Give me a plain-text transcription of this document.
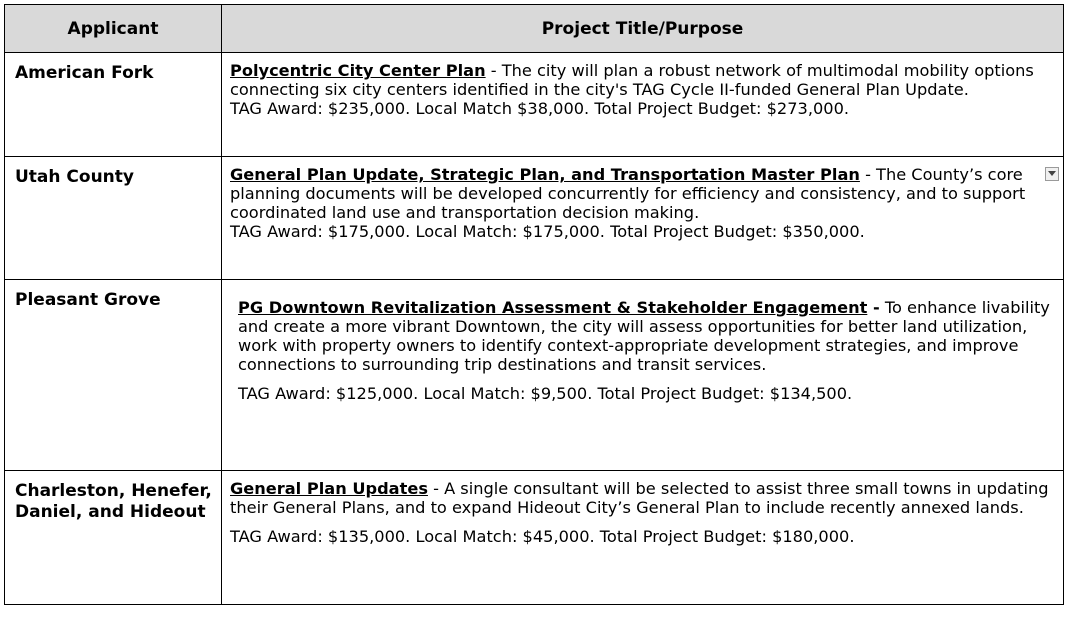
Applicant	Project Title/Purpose
American Fork	Polycentric City Center Plan - The city will plan a robust network of multimodal mobility options connecting six city centers identified in the city's TAG Cycle II-funded General Plan Update.
TAG Award: $235,000. Local Match $38,000. Total Project Budget: $273,000.

Utah County	General Plan Update, Strategic Plan, and Transportation Master Plan - The County’s core planning documents will be developed concurrently for efficiency and consistency, and to support coordinated land use and transportation decision making.
TAG Award: $175,000. Local Match: $175,000. Total Project Budget: $350,000.

Pleasant Grove	PG Downtown Revitalization Assessment & Stakeholder Engagement - To enhance livability and create a more vibrant Downtown, the city will assess opportunities for better land utilization, work with property owners to identify context-appropriate development strategies, and improve connections to surrounding trip destinations and transit services.
TAG Award: $125,000. Local Match: $9,500. Total Project Budget: $134,500.

Charleston, Henefer, Daniel, and Hideout	General Plan Updates - A single consultant will be selected to assist three small towns in updating their General Plans, and to expand Hideout City’s General Plan to include recently annexed lands.
TAG Award: $135,000. Local Match: $45,000. Total Project Budget: $180,000.
